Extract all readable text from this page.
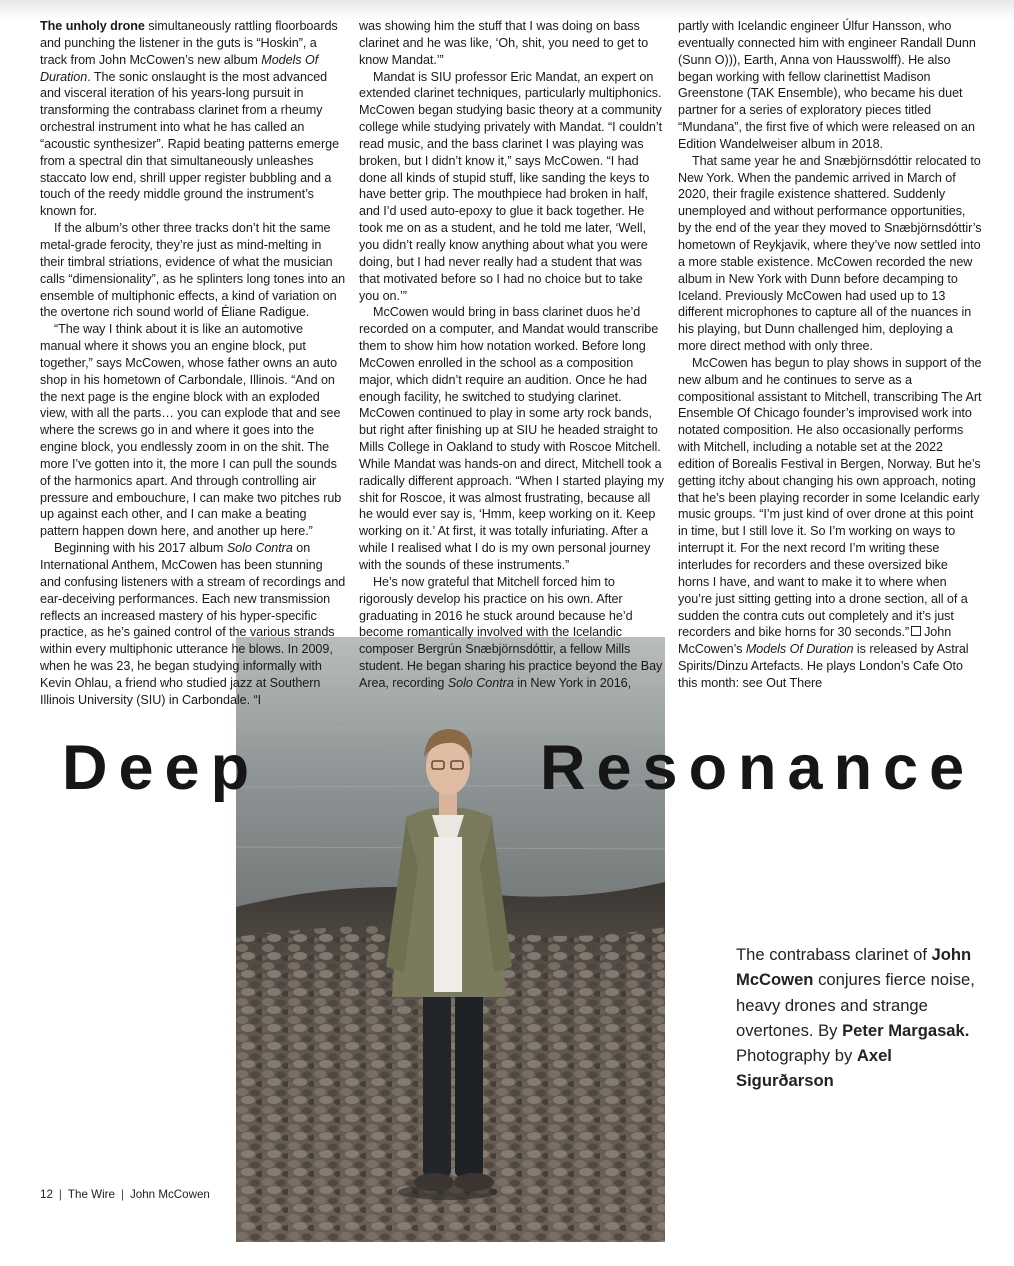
The unholy drone simultaneously rattling floorboards and punching the listener in the guts is “Hoskin”, a track from John McCowen’s new album Models Of Duration. The sonic onslaught is the most advanced and visceral iteration of his years-long pursuit in transforming the contrabass clarinet from a rheumy orchestral instrument into what he has called an “acoustic synthesizer”. Rapid beating patterns emerge from a spectral din that simultaneously unleashes staccato low end, shrill upper register bubbling and a touch of the reedy middle ground the instrument’s known for.

If the album’s other three tracks don’t hit the same metal-grade ferocity, they’re just as mind-melting in their timbral striations, evidence of what the musician calls “dimensionality”, as he splinters long tones into an ensemble of multiphonic effects, a kind of variation on the overtone rich sound world of Éliane Radigue.

“The way I think about it is like an automotive manual where it shows you an engine block, put together,” says McCowen, whose father owns an auto shop in his hometown of Carbondale, Illinois. “And on the next page is the engine block with an exploded view, with all the parts… you can explode that and see where the screws go in and where it goes into the engine block, you endlessly zoom in on the shit. The more I’ve gotten into it, the more I can pull the sounds of the harmonics apart. And through controlling air pressure and embouchure, I can make two pitches rub up against each other, and I can make a beating pattern happen down here, and another up here.”

Beginning with his 2017 album Solo Contra on International Anthem, McCowen has been stunning and confusing listeners with a stream of recordings and ear-deceiving performances. Each new transmission reflects an increased mastery of his hyper-specific practice, as he’s gained control of the various strands within every multiphonic utterance he blows. In 2009, when he was 23, he began studying informally with Kevin Ohlau, a friend who studied jazz at Southern Illinois University (SIU) in Carbondale. “I

was showing him the stuff that I was doing on bass clarinet and he was like, ‘Oh, shit, you need to get to know Mandat.’”

Mandat is SIU professor Eric Mandat, an expert on extended clarinet techniques, particularly multiphonics. McCowen began studying basic theory at a community college while studying privately with Mandat. “I couldn’t read music, and the bass clarinet I was playing was broken, but I didn’t know it,” says McCowen. “I had done all kinds of stupid stuff, like sanding the keys to have better grip. The mouthpiece had broken in half, and I’d used auto-epoxy to glue it back together. He took me on as a student, and he told me later, ‘Well, you didn’t really know anything about what you were doing, but I had never really had a student that was that motivated before so I had no choice but to take you on.’”

McCowen would bring in bass clarinet duos he’d recorded on a computer, and Mandat would transcribe them to show him how notation worked. Before long McCowen enrolled in the school as a composition major, which didn’t require an audition. Once he had enough facility, he switched to studying clarinet. McCowen continued to play in some arty rock bands, but right after finishing up at SIU he headed straight to Mills College in Oakland to study with Roscoe Mitchell. While Mandat was hands-on and direct, Mitchell took a radically different approach. “When I started playing my shit for Roscoe, it was almost frustrating, because all he would ever say is, ‘Hmm, keep working on it. Keep working on it.’ At first, it was totally infuriating. After a while I realised what I do is my own personal journey with the sounds of these instruments.”

He’s now grateful that Mitchell forced him to rigorously develop his practice on his own. After graduating in 2016 he stuck around because he’d become romantically involved with the Icelandic composer Bergrún Snæbjörnsdóttir, a fellow Mills student. He began sharing his practice beyond the Bay Area, recording Solo Contra in New York in 2016,

partly with Icelandic engineer Úlfur Hansson, who eventually connected him with engineer Randall Dunn (Sunn O))), Earth, Anna von Hausswolff). He also began working with fellow clarinettist Madison Greenstone (TAK Ensemble), who became his duet partner for a series of exploratory pieces titled “Mundana”, the first five of which were released on an Edition Wandelweiser album in 2018.

That same year he and Snæbjörnsdóttir relocated to New York. When the pandemic arrived in March of 2020, their fragile existence shattered. Suddenly unemployed and without performance opportunities, by the end of the year they moved to Snæbjörnsdóttir’s hometown of Reykjavik, where they’ve now settled into a more stable existence. McCowen recorded the new album in New York with Dunn before decamping to Iceland. Previously McCowen had used up to 13 different microphones to capture all of the nuances in his playing, but Dunn challenged him, deploying a more direct method with only three.

McCowen has begun to play shows in support of the new album and he continues to serve as a compositional assistant to Mitchell, transcribing The Art Ensemble Of Chicago founder’s improvised work into notated composition. He also occasionally performs with Mitchell, including a notable set at the 2022 edition of Borealis Festival in Bergen, Norway. But he’s getting itchy about changing his own approach, noting that he’s been playing recorder in some Icelandic early music groups. “I’m just kind of over drone at this point in time, but I still love it. So I’m working on ways to interrupt it. For the next record I’m writing these interludes for recorders and these oversized bike horns I have, and want to make it to where when you’re just sitting getting into a drone section, all of a sudden the contra cuts out completely and it’s just recorders and bike horns for 30 seconds.” John McCowen’s Models Of Duration is released by Astral Spirits/Dinzu Artefacts. He plays London’s Cafe Oto this month: see Out There

Deep	Resonance
The contrabass clarinet of John McCowen conjures fierce noise, heavy drones and strange overtones. By Peter Margasak. Photography by Axel Sigurðarson
12 | The Wire | John McCowen
